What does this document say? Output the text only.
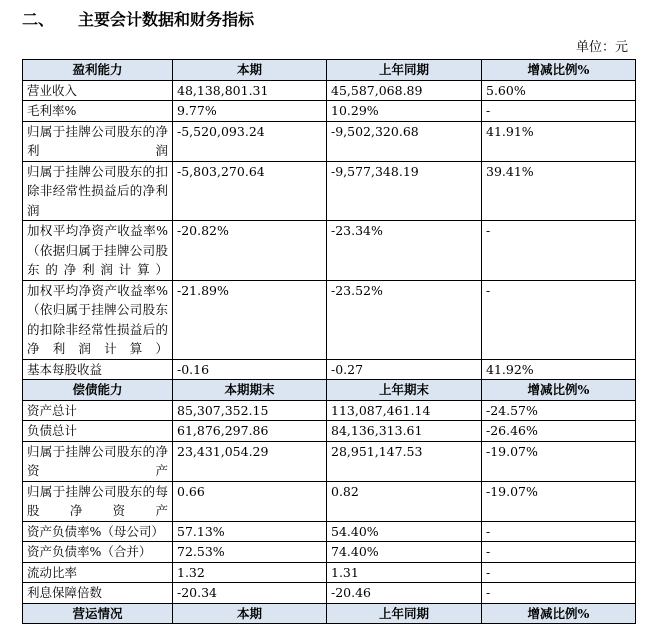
二、 主要会计数据和财务指标
单位：元
盈利能力	本期	上年同期	增减比例%
营业收入	48,138,801.31	45,587,068.89	5.60%
毛利率%	9.77%	10.29%	-
归属于挂牌公司股东的净利润	-5,520,093.24	-9,502,320.68	41.91%
归属于挂牌公司股东的扣除非经常性损益后的净利润	-5,803,270.64	-9,577,348.19	39.41%
加权平均净资产收益率%（依据归属于挂牌公司股东的净利润计算）	-20.82%	-23.34%	-
加权平均净资产收益率%（依归属于挂牌公司股东的扣除非经常性损益后的净利润计算）	-21.89%	-23.52%	-
基本每股收益	-0.16	-0.27	41.92%
偿债能力	本期期末	上年期末	增减比例%
资产总计	85,307,352.15	113,087,461.14	-24.57%
负债总计	61,876,297.86	84,136,313.61	-26.46%
归属于挂牌公司股东的净资产	23,431,054.29	28,951,147.53	-19.07%
归属于挂牌公司股东的每股净资产	0.66	0.82	-19.07%
资产负债率%（母公司）	57.13%	54.40%	-
资产负债率%（合并）	72.53%	74.40%	-
流动比率	1.32	1.31	-
利息保障倍数	-20.34	-20.46	-
营运情况	本期	上年同期	增减比例%
